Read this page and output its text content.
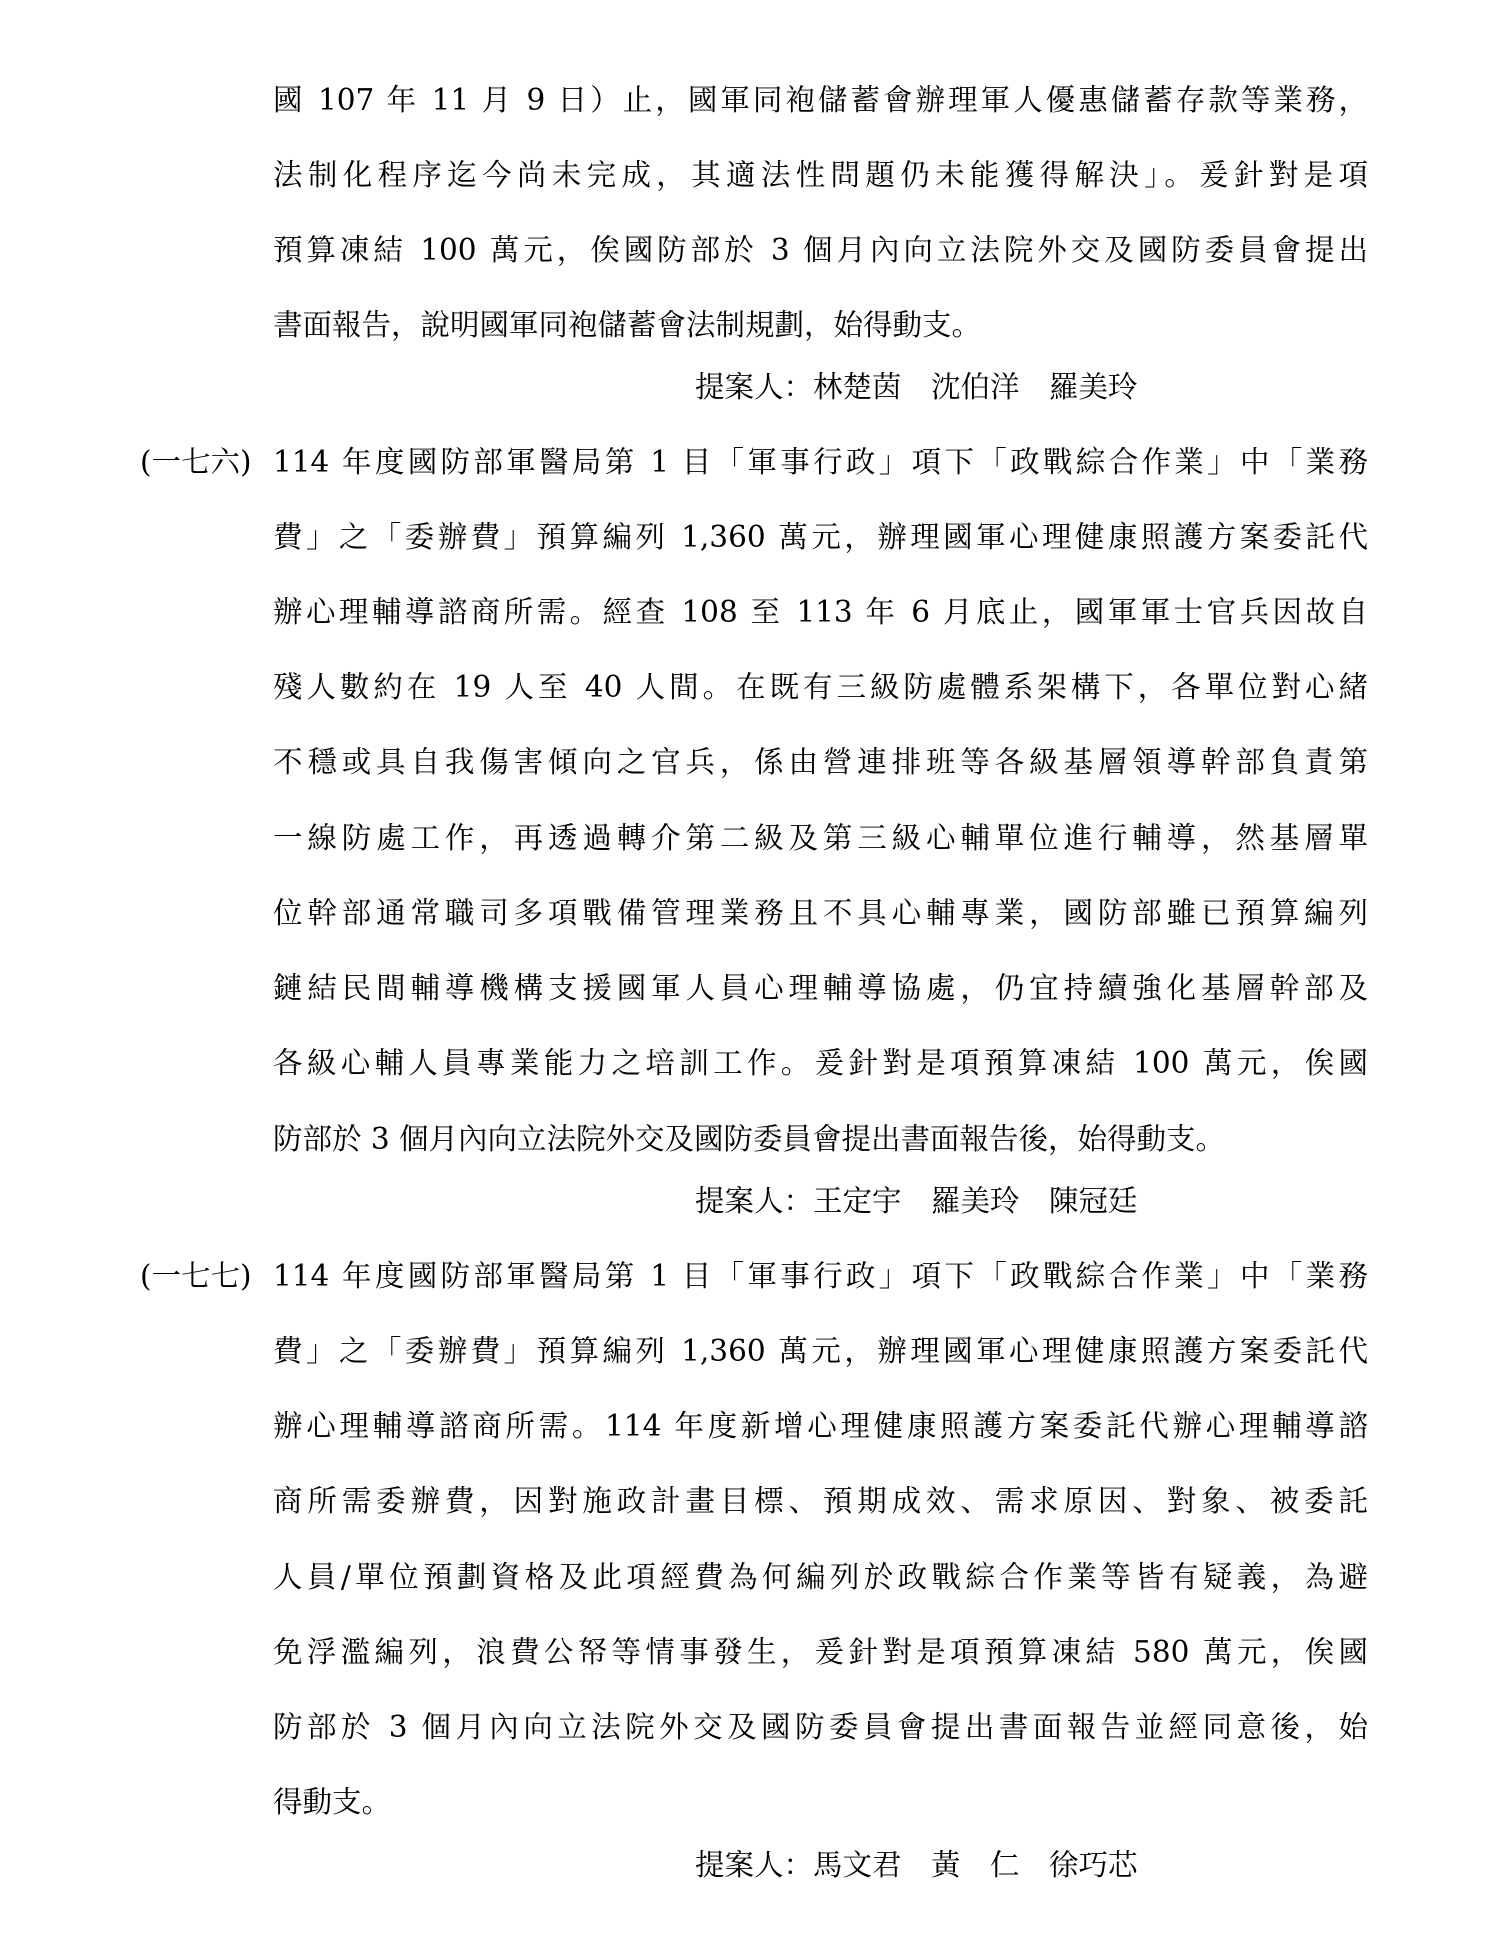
國 107 年 11 月 9 日）止，國軍同袍儲蓄會辦理軍人優惠儲蓄存款等業務，
法制化程序迄今尚未完成，其適法性問題仍未能獲得解決」。爰針對是項
預算凍結 100 萬元，俟國防部於 3 個月內向立法院外交及國防委員會提出
書面報告，說明國軍同袍儲蓄會法制規劃，始得動支。
提案人：林楚茵　沈伯洋　羅美玲
(一七六) 114 年度國防部軍醫局第 1 目「軍事行政」項下「政戰綜合作業」中「業務
費」之「委辦費」預算編列 1,360 萬元，辦理國軍心理健康照護方案委託代
辦心理輔導諮商所需。經查 108 至 113 年 6 月底止，國軍軍士官兵因故自
殘人數約在 19 人至 40 人間。在既有三級防處體系架構下，各單位對心緒
不穩或具自我傷害傾向之官兵，係由營連排班等各級基層領導幹部負責第
一線防處工作，再透過轉介第二級及第三級心輔單位進行輔導，然基層單
位幹部通常職司多項戰備管理業務且不具心輔專業，國防部雖已預算編列
鏈結民間輔導機構支援國軍人員心理輔導協處，仍宜持續強化基層幹部及
各級心輔人員專業能力之培訓工作。爰針對是項預算凍結 100 萬元，俟國
防部於 3 個月內向立法院外交及國防委員會提出書面報告後，始得動支。
提案人：王定宇　羅美玲　陳冠廷
(一七七) 114 年度國防部軍醫局第 1 目「軍事行政」項下「政戰綜合作業」中「業務
費」之「委辦費」預算編列 1,360 萬元，辦理國軍心理健康照護方案委託代
辦心理輔導諮商所需。114 年度新增心理健康照護方案委託代辦心理輔導諮
商所需委辦費，因對施政計畫目標、預期成效、需求原因、對象、被委託
人員/單位預劃資格及此項經費為何編列於政戰綜合作業等皆有疑義，為避
免浮濫編列，浪費公帑等情事發生，爰針對是項預算凍結 580 萬元，俟國
防部於 3 個月內向立法院外交及國防委員會提出書面報告並經同意後，始
得動支。
提案人：馬文君　黃　仁　徐巧芯
